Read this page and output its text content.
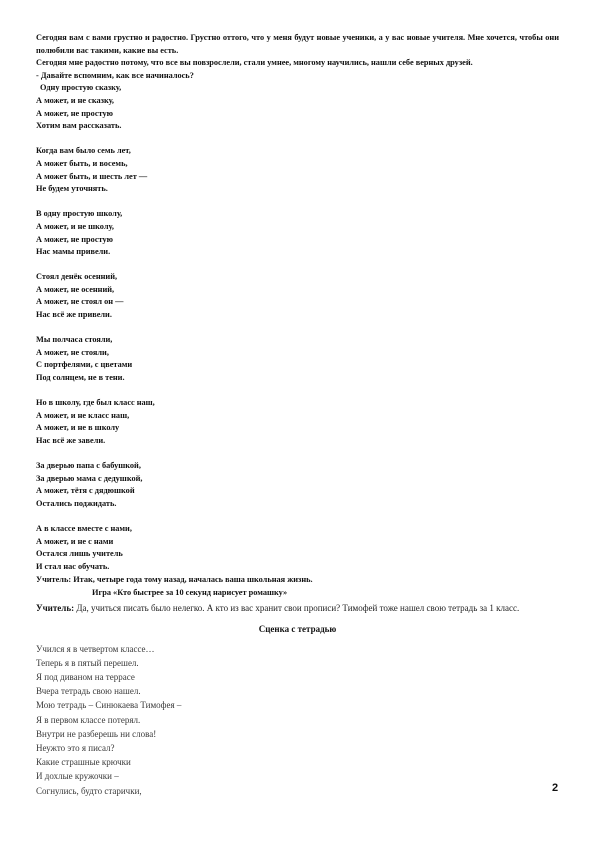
Сегодня вам с вами грустно и радостно. Грустно оттого, что у меня будут новые ученики, а у вас новые учителя. Мне хочется, чтобы они полюбили вас такими, какие вы есть.

Сегодня мне радостно потому, что все вы повзрослели, стали умнее, многому научились, нашли себе верных друзей.

- Давайте вспомним, как все начиналось?

Одну простую сказку,
А может, и не сказку,
А может, не простую
Хотим вам рассказать.
Когда вам было семь лет,
А может быть, и восемь,
А может быть, и шесть лет —
Не будем уточнять.
В одну простую школу,
А может, и не школу,
А может, не простую
Нас мамы привели.
Стоял денёк осенний,
А может, не осенний,
А может, не стоял он —
Нас всё же привели.
Мы полчаса стояли,
А может, не стояли,
С портфелями, с цветами
Под солнцем, не в тени.
Но в школу, где был класс наш,
А может, и не класс наш,
А может, и не в школу
Нас всё же завели.
За дверью папа с бабушкой,
За дверью мама с дедушкой,
А может, тётя с дядюшкой
Остались поджидать.
А в классе вместе с нами,
А может, и не с нами
Остался лишь учитель
И стал нас обучать.
Учитель: Итак, четыре года тому назад, началась ваша школьная жизнь.
Игра «Кто быстрее за 10 секунд нарисует ромашку»
Учитель: Да, учиться писать было нелегко. А кто из вас хранит свои прописи? Тимофей тоже нашел свою тетрадь за 1 класс.
Сценка с тетрадью
Учился я в четвертом классе…
Теперь я в пятый перешел.
Я под диваном на террасе
Вчера тетрадь свою нашел.
Мою тетрадь – Синюкаева Тимофея –
Я в первом классе потерял.
Внутри не разберешь ни слова!
Неужто это я писал?
Какие страшные крючки
И дохлые кружочки –
Согнулись, будто старички,	2
